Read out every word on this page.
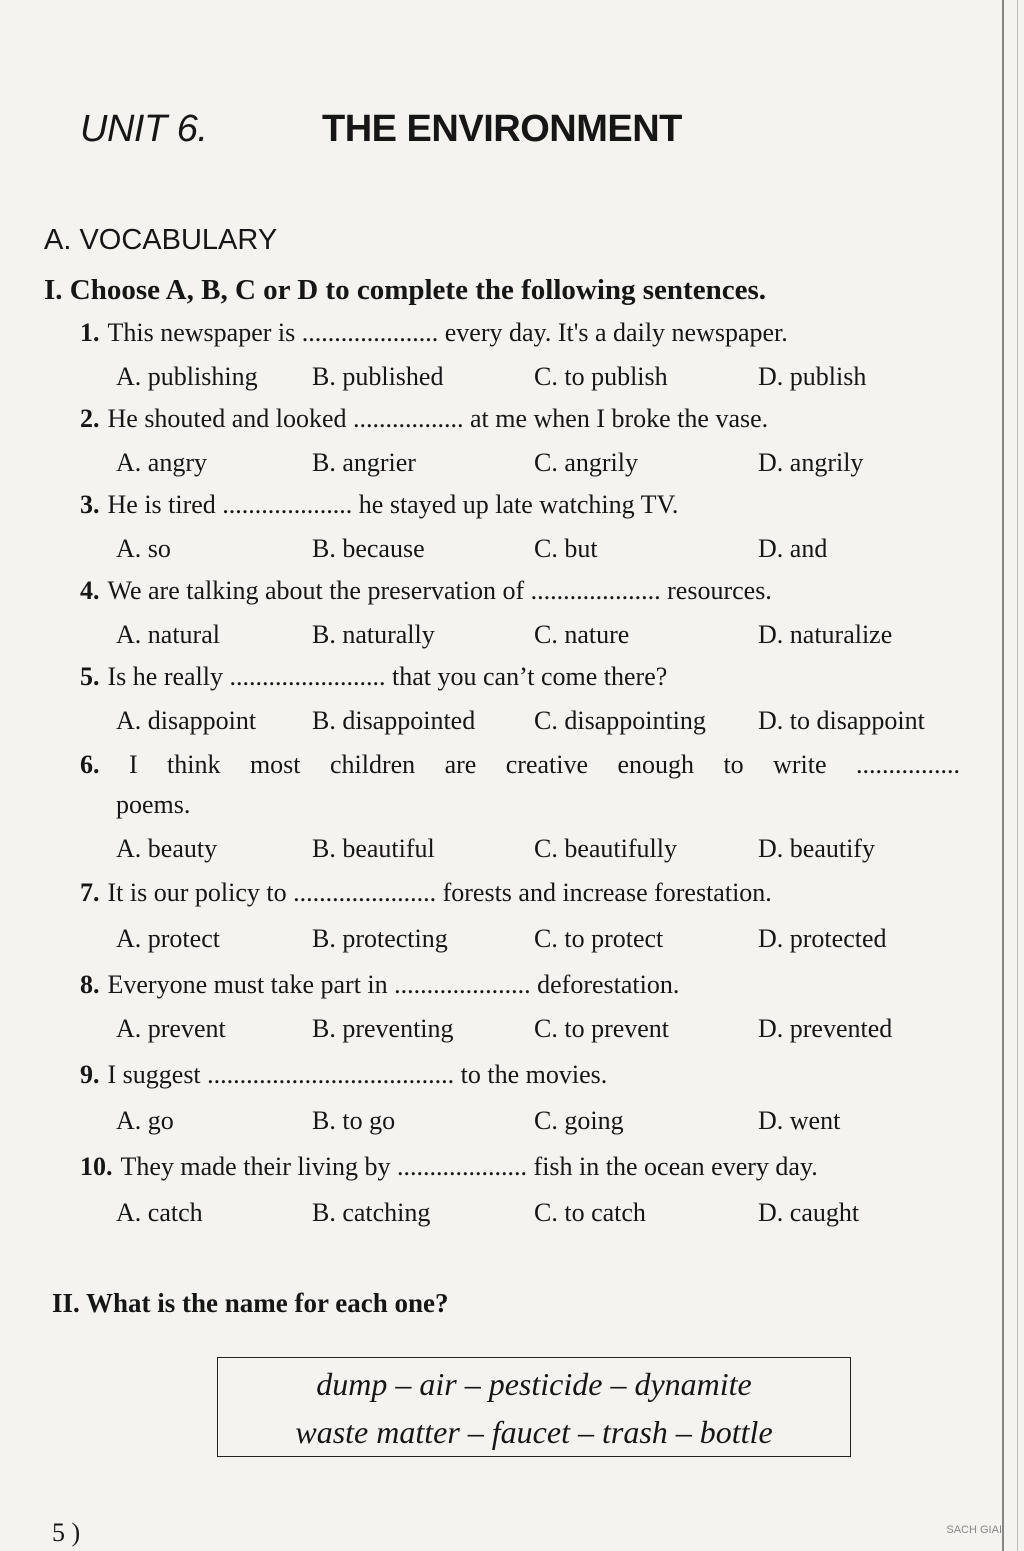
UNIT 6.	THE ENVIRONMENT
A. VOCABULARY
I. Choose A, B, C or D to complete the following sentences.
1. This newspaper is ..................... every day. It's a daily newspaper.
A. publishing B. published	C. to publish	D. publish
2. He shouted and looked ................. at me when I broke the vase.
A. angry	B. angrier	C. angrily	D. angrily
3. He is tired .................... he stayed up late watching TV.
A. so	B. because	C. but	D. and
4. We are talking about the preservation of .................... resources.
A. natural	B. naturally	C. nature	D. naturalize
5. Is he really ........................ that you can’t come there?
A. disappoint B. disappointed C. disappointing D. to disappoint
6. I think most children are creative enough to write ................
poems.
A. beauty	B. beautiful	C. beautifully	D. beautify
7. It is our policy to ...................... forests and increase forestation.
A. protect	B. protecting	C. to protect	D. protected
8. Everyone must take part in ..................... deforestation.
A. prevent	B. preventing	C. to prevent	D. prevented
9. I suggest ...................................... to the movies.
A. go	B. to go	C. going	D. went
10. They made their living by .................... fish in the ocean every day.
A. catch	B. catching	C. to catch	D. caught
II. What is the name for each one?
dump – air – pesticide – dynamite
waste matter – faucet – trash – bottle
5 )	SACH GIAI
